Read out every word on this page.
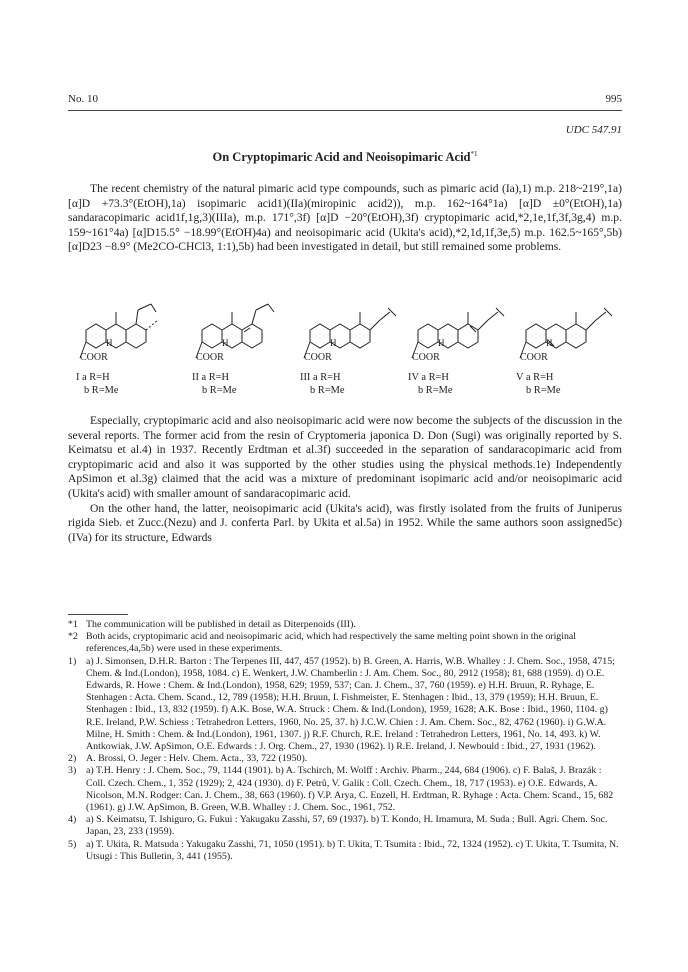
No. 10	995
UDC 547.91
On Cryptopimaric Acid and Neoisopimaric Acid$^{*1}$

The recent chemistry of the natural pimaric acid type compounds, such as pimaric acid (Ia),1) m.p. 218~219°,1a) [α]D +73.3°(EtOH),1a) isopimaric acid1)(IIa)(miropinic acid2)), m.p. 162~164°1a) [α]D ±0°(EtOH),1a) sandaracopimaric acid1f,1g,3)(IIIa), m.p. 171°,3f) [α]D −20°(EtOH),3f) cryptopimaric acid,*2,1e,1f,3f,3g,4) m.p. 159~161°4a) [α]D15.5° −18.99°(EtOH)4a) and neoisopimaric acid (Ukita's acid),*2,1d,1f,3e,5) m.p. 162.5~165°,5b) [α]D23 −8.9° (Me2CO-CHCl3, 1:1),5b) had been investigated in detail, but still remained some problems.

H
COOR
I a R=H
b R=Me
H
COOR
II a R=H
b R=Me
H
COOR
III a R=H
b R=Me
H
COOR
IV a R=H
b R=Me
H
COOR
V a R=H
b R=Me

Especially, cryptopimaric acid and also neoisopimaric acid were now become the subjects of the discussion in the several reports. The former acid from the resin of Cryptomeria japonica D. Don (Sugi) was originally reported by S. Keimatsu et al.4) in 1937. Recently Erdtman et al.3f) succeeded in the separation of sandaracopimaric acid from cryptopimaric acid and also it was supported by the other studies using the physical methods.1e) Independently ApSimon et al.3g) claimed that the acid was a mixture of predominant isopimaric acid and/or neoisopimaric acid (Ukita's acid) with smaller amount of sandaracopimaric acid.

On the other hand, the latter, neoisopimaric acid (Ukita's acid), was firstly isolated from the fruits of Juniperus rigida Sieb. et Zucc.(Nezu) and J. conferta Parl. by Ukita et al.5a) in 1952. While the same authors soon assigned5c)(IVa) for its structure, Edwards

*1 The communication will be published in detail as Diterpenoids (III).
*2 Both acids, cryptopimaric acid and neoisopimaric acid, which had respectively the same melting point shown in the original references,4a,5b) were used in these experiments.
1) a) J. Simonsen, D.H.R. Barton : The Terpenes III, 447, 457 (1952). b) B. Green, A. Harris, W.B. Whalley : J. Chem. Soc., 1958, 4715; Chem. & Ind.(London), 1958, 1084. c) E. Wenkert, J.W. Chamberlin : J. Am. Chem. Soc., 80, 2912 (1958); 81, 688 (1959). d) O.E. Edwards, R. Howe : Chem. & Ind.(London), 1958, 629; 1959, 537; Can. J. Chem., 37, 760 (1959). e) H.H. Bruun, R. Ryhage, E. Stenhagen : Acta. Chem. Scand., 12, 789 (1958); H.H. Bruun, I. Fishmeister, E. Stenhagen : Ibid., 13, 379 (1959); H.H. Bruun, E. Stenhagen : Ibid., 13, 832 (1959). f) A.K. Bose, W.A. Struck : Chem. & Ind.(London), 1959, 1628; A.K. Bose : Ibid., 1960, 1104. g) R.E. Ireland, P.W. Schiess : Tetrahedron Letters, 1960, No. 25, 37. h) J.C.W. Chien : J. Am. Chem. Soc., 82, 4762 (1960). i) G.W.A. Milne, H. Smith : Chem. & Ind.(London), 1961, 1307. j) R.F. Church, R.E. Ireland : Tetrahedron Letters, 1961, No. 14, 493. k) W. Antkowiak, J.W. ApSimon, O.E. Edwards : J. Org. Chem., 27, 1930 (1962). l) R.E. Ireland, J. Newbould : Ibid., 27, 1931 (1962).
2) A. Brossi, O. Jeger : Helv. Chem. Acta., 33, 722 (1950).
3) a) T.H. Henry : J. Chem. Soc., 79, 1144 (1901). b) A. Tschirch, M. Wolff : Archiv. Pharm., 244, 684 (1906). c) F. Balaš, J. Brazák : Coll. Czech. Chem., 1, 352 (1929); 2, 424 (1930). d) F. Petrů, V. Galik : Coll. Czech. Chem., 18, 717 (1953). e) O.E. Edwards, A. Nicolson, M.N. Rodger: Can. J. Chem., 38, 663 (1960). f) V.P. Arya, C. Enzell, H. Erdtman, R. Ryhage : Acta. Chem. Scand., 15, 682 (1961). g) J.W. ApSimon, B. Green, W.B. Whalley : J. Chem. Soc., 1961, 752.
4) a) S. Keimatsu, T. Ishiguro, G. Fukui : Yakugaku Zasshi, 57, 69 (1937). b) T. Kondo, H. Imamura, M. Suda : Bull. Agri. Chem. Soc. Japan, 23, 233 (1959).
5) a) T. Ukita, R. Matsuda : Yakugaku Zasshi, 71, 1050 (1951). b) T. Ukita, T. Tsumita : Ibid., 72, 1324 (1952). c) T. Ukita, T. Tsumita, N. Utsugi : This Bulletin, 3, 441 (1955).
